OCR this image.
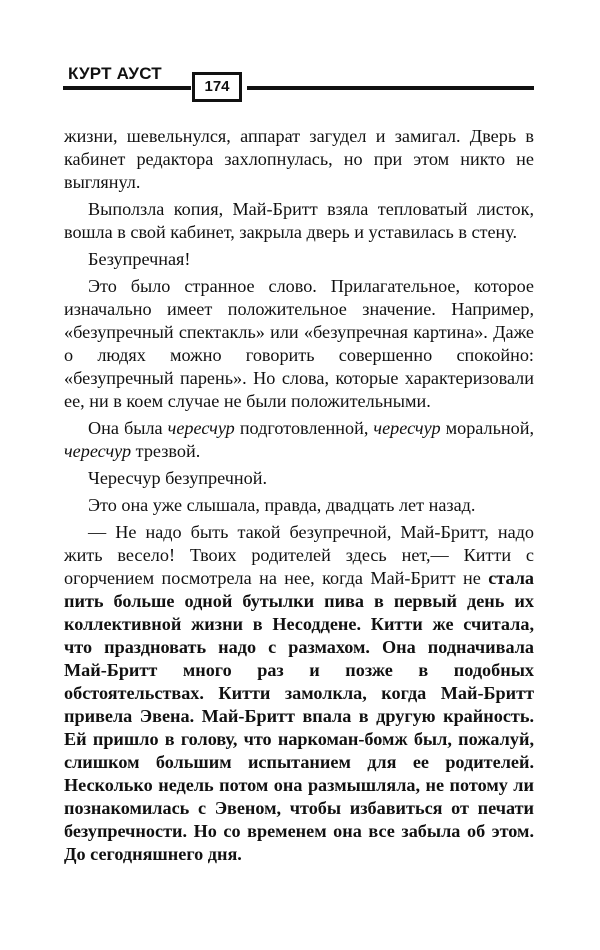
КУРТ АУСТ
174

жизни, шевельнулся, аппарат загудел и замигал. Дверь в кабинет редактора захлопнулась, но при этом никто не выглянул.

Выползла копия, Май-Бритт взяла тепловатый листок, вошла в свой кабинет, закрыла дверь и уставилась в стену.

Безупречная!

Это было странное слово. Прилагательное, которое изначально имеет положительное значение. Например, «безупречный спектакль» или «безупречная картина». Даже о людях можно говорить совершенно спокойно: «безупречный парень». Но слова, которые характеризовали ее, ни в коем случае не были положительными.

Она была чересчур подготовленной, чересчур моральной, чересчур трезвой.

Чересчур безупречной.

Это она уже слышала, правда, двадцать лет назад.

— Не надо быть такой безупречной, Май-Бритт, надо жить весело! Твоих родителей здесь нет,— Китти с огорчением посмотрела на нее, когда Май-Бритт не стала пить больше одной бутылки пива в первый день их коллективной жизни в Несоддене. Китти же считала, что праздновать надо с размахом. Она подначивала Май-Бритт много раз и позже в подобных обстоятельствах. Китти замолкла, когда Май-Бритт привела Эвена. Май-Бритт впала в другую крайность. Ей пришло в голову, что наркоман-бомж был, пожалуй, слишком большим испытанием для ее родителей. Несколько недель потом она размышляла, не потому ли познакомилась с Эвеном, чтобы избавиться от печати безупречности. Но со временем она все забыла об этом. До сегодняшнего дня.
